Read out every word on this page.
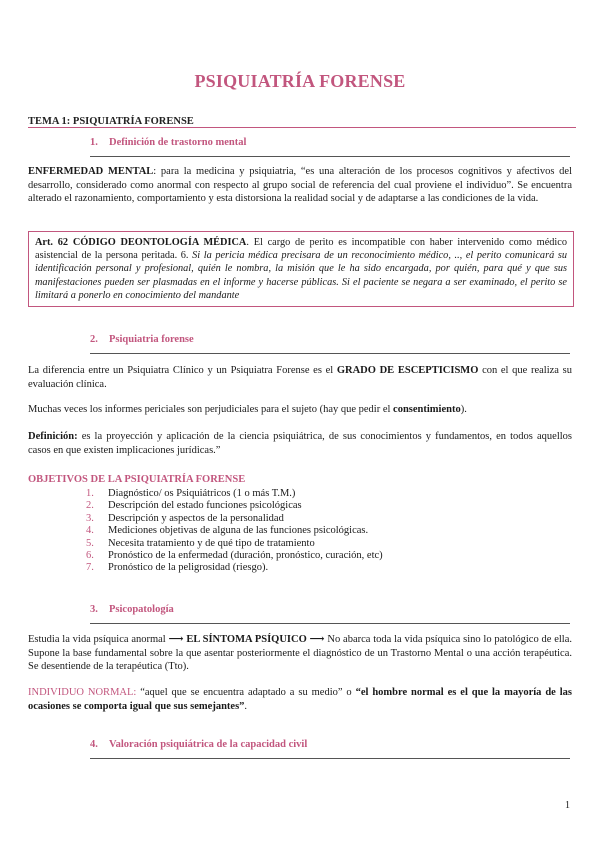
PSIQUIATRÍA FORENSE
TEMA 1: PSIQUIATRÍA FORENSE
1. Definición de trastorno mental
ENFERMEDAD MENTAL: para la medicina y psiquiatria, “es una alteración de los procesos cognitivos y afectivos del desarrollo, considerado como anormal con respecto al grupo social de referencia del cual proviene el individuo”. Se encuentra alterado el razonamiento, comportamiento y esta distorsiona la realidad social y de adaptarse a las condiciones de la vida.
Art. 62 CÓDIGO DEONTOLOGÍA MÉDICA. El cargo de perito es incompatible con haber intervenido como médico asistencial de la persona peritada. 6. Si la pericia médica precisara de un reconocimiento médico, .., el perito comunicará su identificación personal y profesional, quién le nombra, la misión que le ha sido encargada, por quién, para qué y que sus manifestaciones pueden ser plasmadas en el informe y hacerse públicas. Si el paciente se negara a ser examinado, el perito se limitará a ponerlo en conocimiento del mandante
2. Psiquiatria forense
La diferencia entre un Psiquiatra Clínico y un Psiquiatra Forense es el GRADO DE ESCEPTICISMO con el que realiza su evaluación clínica.
Muchas veces los informes periciales son perjudiciales para el sujeto (hay que pedir el consentimiento).
Definición: es la proyección y aplicación de la ciencia psiquiátrica, de sus conocimientos y fundamentos, en todos aquellos casos en que existen implicaciones jurídicas.”
OBJETIVOS DE LA PSIQUIATRÍA FORENSE
1. Diagnóstico/ os Psiquiátricos (1 o más T.M.)
2. Descripción del estado funciones psicológicas
3. Descripción y aspectos de la personalidad
4. Mediciones objetivas de alguna de las funciones psicológicas.
5. Necesita tratamiento y de qué tipo de tratamiento
6. Pronóstico de la enfermedad (duración, pronóstico, curación, etc)
7. Pronóstico de la peligrosidad (riesgo).
3. Psicopatología
Estudia la vida psíquica anormal ⟶ EL SÍNTOMA PSÍQUICO ⟶ No abarca toda la vida psíquica sino lo patológico de ella. Supone la base fundamental sobre la que asentar posteriormente el diagnóstico de un Trastorno Mental o una acción terapéutica. Se desentiende de la terapéutica (Tto).
INDIVIDUO NORMAL: “aquel que se encuentra adaptado a su medio” o “el hombre normal es el que la mayoría de las ocasiones se comporta igual que sus semejantes”.
4. Valoración psiquiátrica de la capacidad civil
1
